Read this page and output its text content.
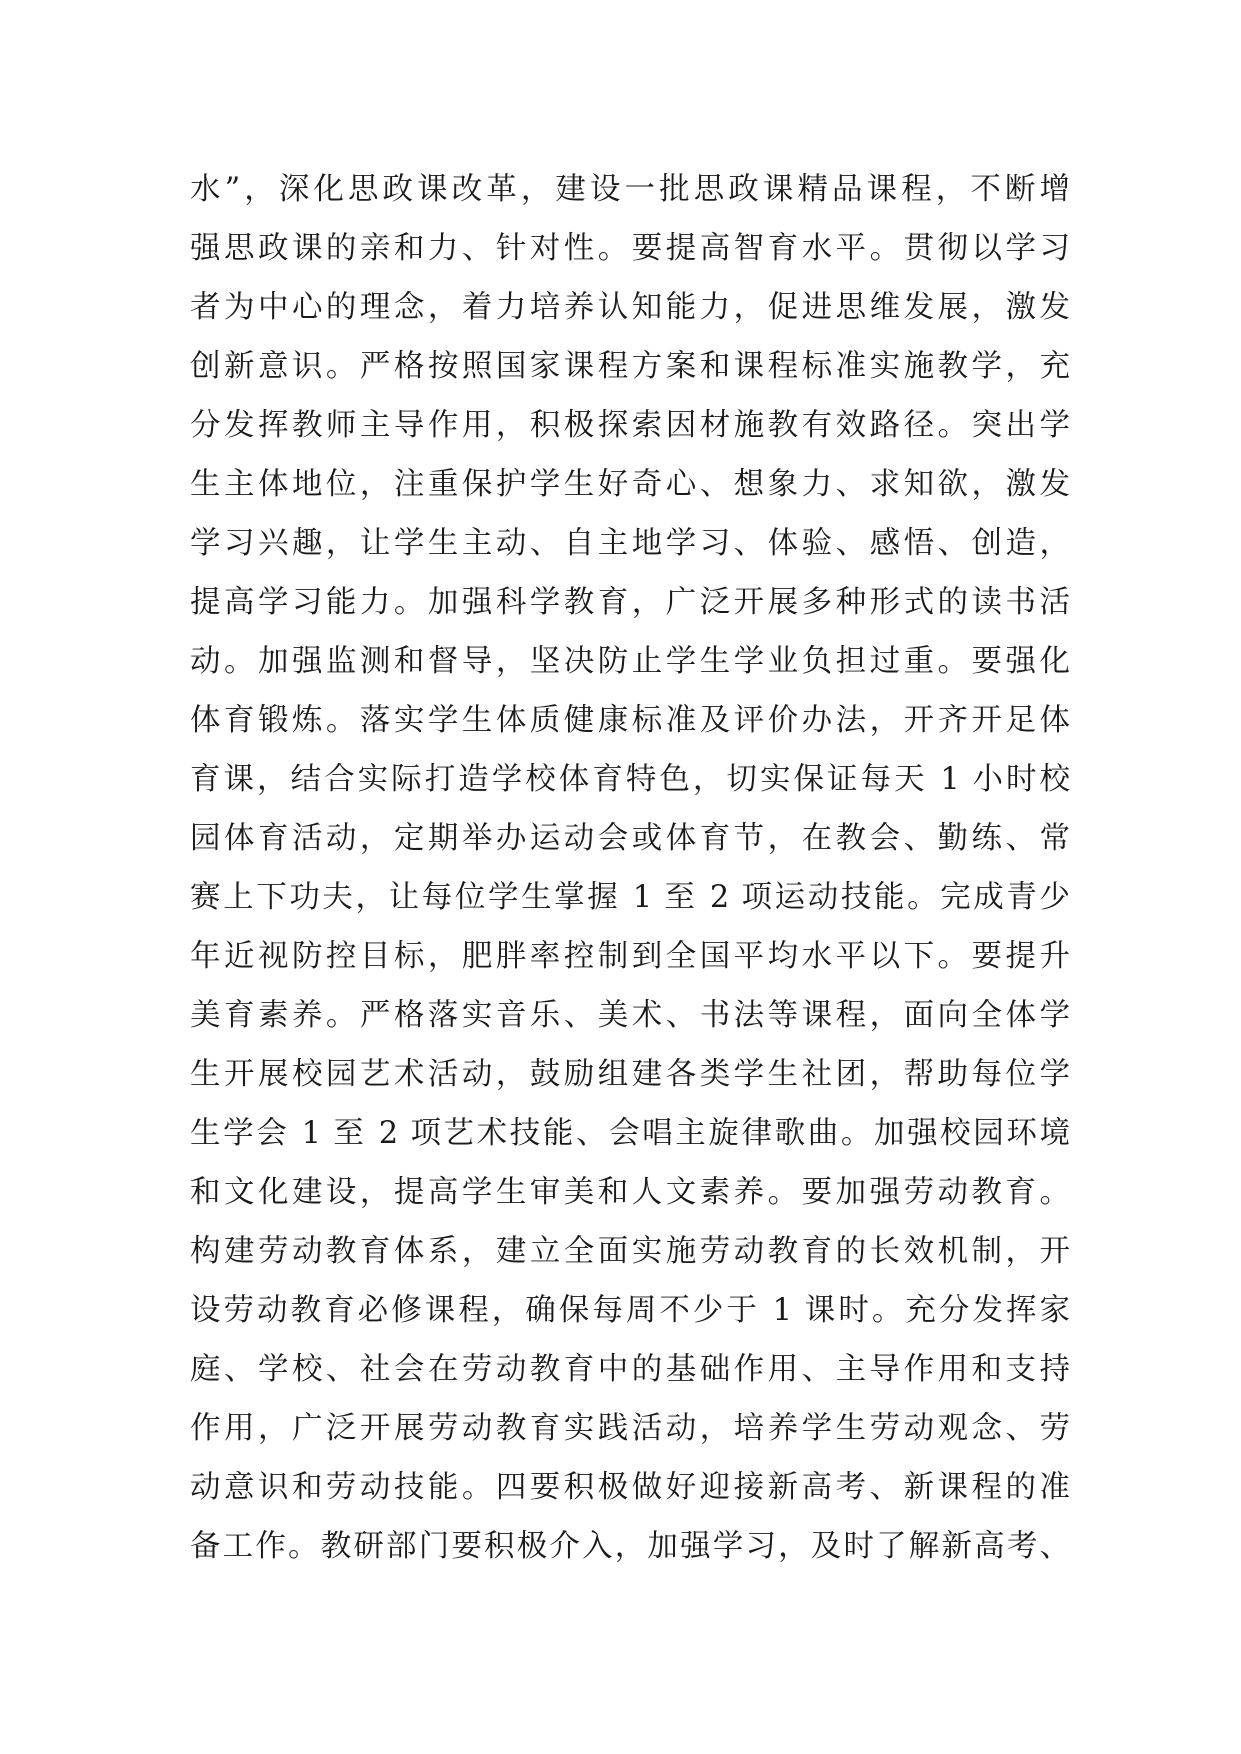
水”，深化思政课改革，建设一批思政课精品课程，不断增
强思政课的亲和力、针对性。要提高智育水平。贯彻以学习
者为中心的理念，着力培养认知能力，促进思维发展，激发
创新意识。严格按照国家课程方案和课程标准实施教学，充
分发挥教师主导作用，积极探索因材施教有效路径。突出学
生主体地位，注重保护学生好奇心、想象力、求知欲，激发
学习兴趣，让学生主动、自主地学习、体验、感悟、创造，
提高学习能力。加强科学教育，广泛开展多种形式的读书活
动。加强监测和督导，坚决防止学生学业负担过重。要强化
体育锻炼。落实学生体质健康标准及评价办法，开齐开足体
育课，结合实际打造学校体育特色，切实保证每天 1 小时校
园体育活动，定期举办运动会或体育节，在教会、勤练、常
赛上下功夫，让每位学生掌握 1 至 2 项运动技能。完成青少
年近视防控目标，肥胖率控制到全国平均水平以下。要提升
美育素养。严格落实音乐、美术、书法等课程，面向全体学
生开展校园艺术活动，鼓励组建各类学生社团，帮助每位学
生学会 1 至 2 项艺术技能、会唱主旋律歌曲。加强校园环境
和文化建设，提高学生审美和人文素养。要加强劳动教育。
构建劳动教育体系，建立全面实施劳动教育的长效机制，开
设劳动教育必修课程，确保每周不少于 1 课时。充分发挥家
庭、学校、社会在劳动教育中的基础作用、主导作用和支持
作用，广泛开展劳动教育实践活动，培养学生劳动观念、劳
动意识和劳动技能。四要积极做好迎接新高考、新课程的准
备工作。教研部门要积极介入，加强学习，及时了解新高考、
